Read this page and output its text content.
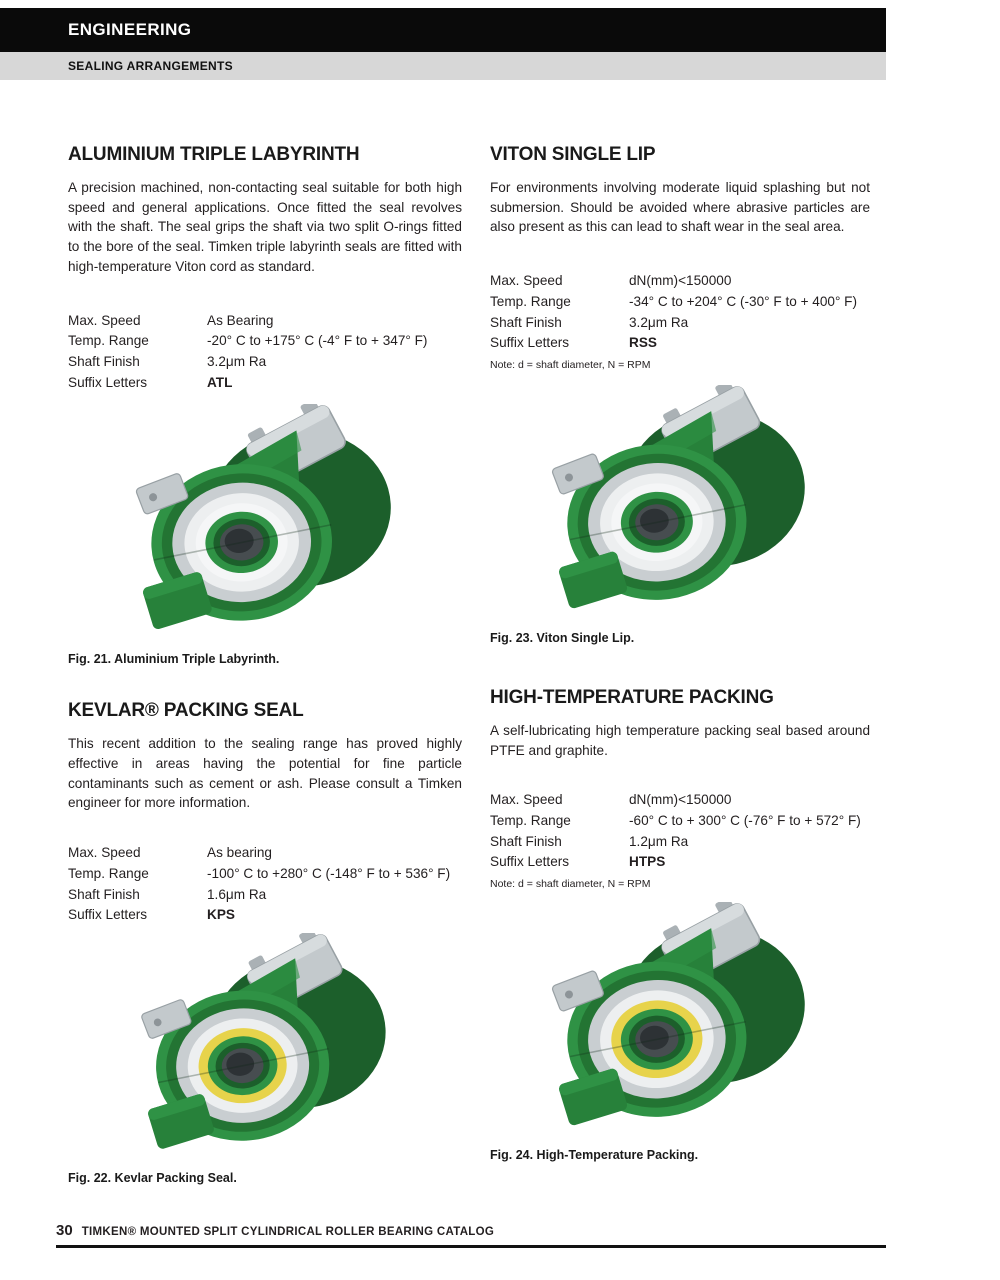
ENGINEERING
SEALING ARRANGEMENTS
ALUMINIUM TRIPLE LABYRINTH

A precision machined, non-contacting seal suitable for both high speed and general applications. Once fitted the seal revolves with the shaft. The seal grips the shaft via two split O-rings fitted to the bore of the seal. Timken triple labyrinth seals are fitted with high-temperature Viton cord as standard.

Max. Speed	As Bearing
Temp. Range	-20° C to +175° C (-4° F to + 347° F)
Shaft Finish	3.2μm Ra
Suffix Letters	ATL
Fig. 21. Aluminium Triple Labyrinth.
KEVLAR® PACKING SEAL

This recent addition to the sealing range has proved highly effective in areas having the potential for fine particle contaminants such as cement or ash. Please consult a Timken engineer for more information.

Max. Speed	As bearing
Temp. Range	-100° C to +280° C (-148° F to + 536° F)
Shaft Finish	1.6μm Ra
Suffix Letters	KPS
Fig. 22. Kevlar Packing Seal.
VITON SINGLE LIP

For environments involving moderate liquid splashing but not submersion. Should be avoided where abrasive particles are also present as this can lead to shaft wear in the seal area.

Max. Speed	dN(mm)<150000
Temp. Range	-34° C to +204° C (-30° F to + 400° F)
Shaft Finish	3.2μm Ra
Suffix Letters	RSS
Note: d = shaft diameter, N = RPM
Fig. 23. Viton Single Lip.
HIGH-TEMPERATURE PACKING

A self-lubricating high temperature packing seal based around PTFE and graphite.

Max. Speed	dN(mm)<150000
Temp. Range	-60° C to + 300° C (-76° F to + 572° F)
Shaft Finish	1.2μm Ra
Suffix Letters	HTPS
Note: d = shaft diameter, N = RPM
Fig. 24. High-Temperature Packing.
30 TIMKEN® MOUNTED SPLIT CYLINDRICAL ROLLER BEARING CATALOG
